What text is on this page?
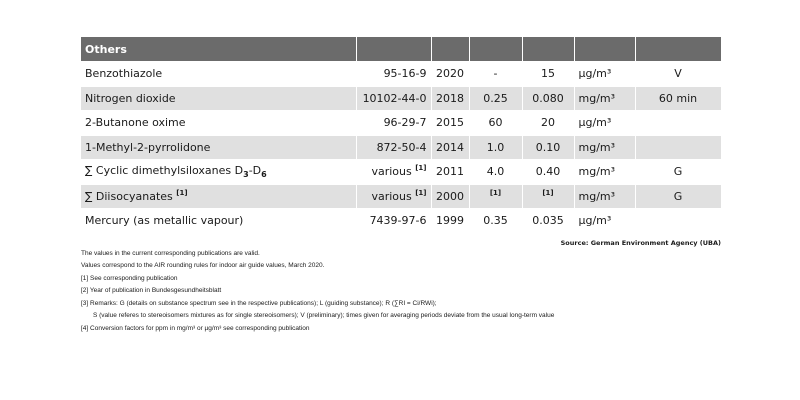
Others						
Benzothiazole	95-16-9	2020	-	15	µg/m³	V
Nitrogen dioxide	10102-44-0	2018	0.25	0.080	mg/m³	60 min
2-Butanone oxime	96-29-7	2015	60	20	µg/m³	
1-Methyl-2-pyrrolidone	872-50-4	2014	1.0	0.10	mg/m³	
∑ Cyclic dimethylsiloxanes $D_3-D_6$	various [1]	2011	4.0	0.40	mg/m³	G
∑ Diisocyanates [1]	various [1]	2000	[1]	[1]	mg/m³	G
Mercury (as metallic vapour)	7439-97-6	1999	0.35	0.035	µg/m³	
Source: German Environment Agency (UBA)
The values in the current corresponding publications are valid.
Values correspond to the AIR rounding rules for indoor air guide values, March 2020.
[1] See corresponding publication
[2] Year of publication in Bundesgesundheitsblatt
[3] Remarks: G (details on substance spectrum see in the respective publications); L (guiding substance); R (∑RI = Ci/RWi);
S (value referes to stereoisomers mixtures as for single stereoisomers); V (preliminary); times given for averaging periods deviate from the usual long-term value
[4] Conversion factors for ppm in mg/m³ or µg/m³ see corresponding publication
